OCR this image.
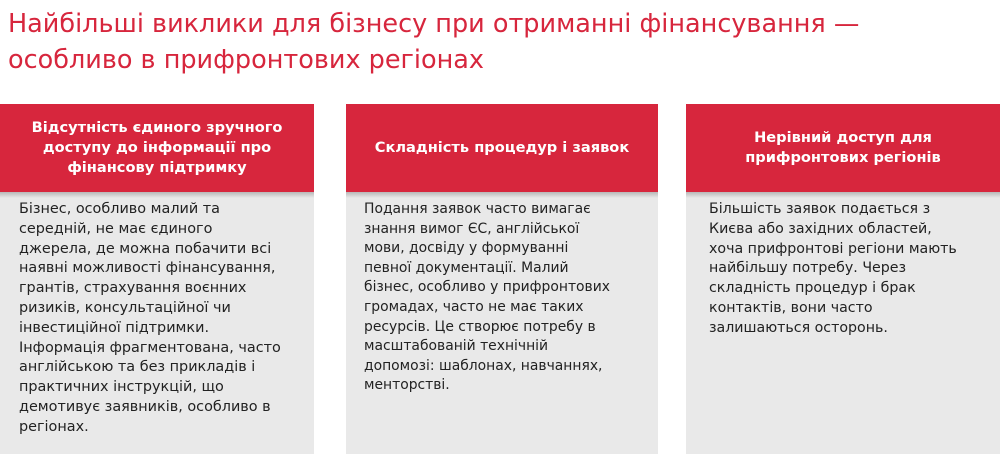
Найбільші виклики для бізнесу при отриманні фінансування —
особливо в прифронтових регіонах
Відсутність єдиного зручного
доступу до інформації про
фінансову підтримку
Бізнес, особливо малий та
середній, не має єдиного
джерела, де можна побачити всі
наявні можливості фінансування,
грантів, страхування воєнних
ризиків, консультаційної чи
інвестиційної підтримки.
Інформація фрагментована, часто
англійською та без прикладів і
практичних інструкцій, що
демотивує заявників, особливо в
регіонах.
Складність процедур і заявок
Подання заявок часто вимагає
знання вимог ЄС, англійської
мови, досвіду у формуванні
певної документації. Малий
бізнес, особливо у прифронтових
громадах, часто не має таких
ресурсів. Це створює потребу в
масштабованій технічній
допомозі: шаблонах, навчаннях,
менторстві.
Нерівний доступ для
прифронтових регіонів
Більшість заявок подається з
Києва або західних областей,
хоча прифронтові регіони мають
найбільшу потребу. Через
складність процедур і брак
контактів, вони часто
залишаються осторонь.
